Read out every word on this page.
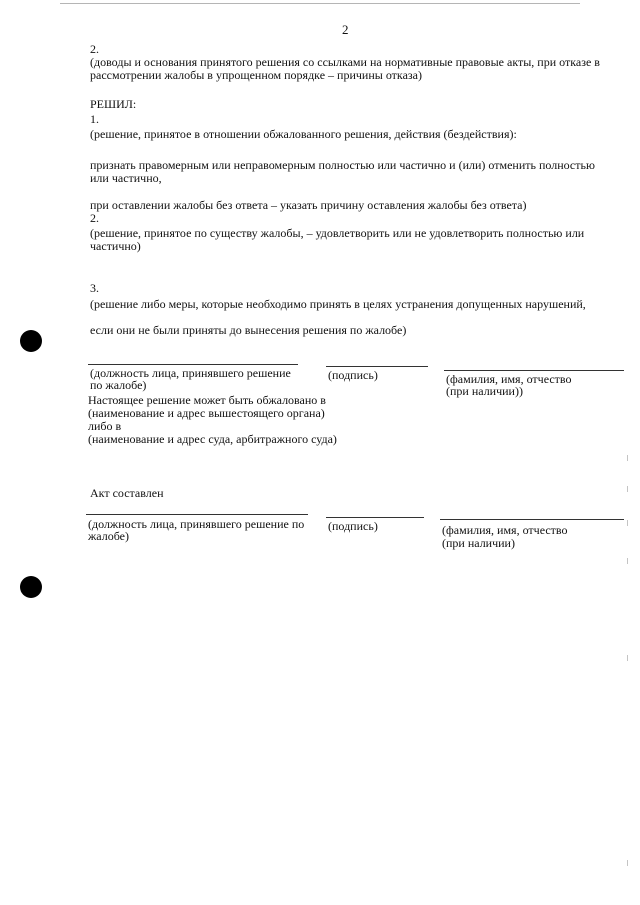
2
2.
(доводы и основания принятого решения со ссылками на нормативные правовые акты, при отказе в рассмотрении жалобы в упрощенном порядке – причины отказа)
РЕШИЛ:
1.
(решение, принятое в отношении обжалованного решения, действия (бездействия):
признать правомерным или неправомерным полностью или частично и (или) отменить полностью или частично,
при оставлении жалобы без ответа – указать причину оставления жалобы без ответа)
2.
(решение, принятое по существу жалобы, – удовлетворить или не удовлетворить полностью или частично)
3.
(решение либо меры, которые необходимо принять в целях устранения допущенных нарушений,
если они не были приняты до вынесения решения по жалобе)
(должность лица, принявшего решение
по жалобе)
(подпись)	(фамилия, имя, отчество
(при наличии))
Настоящее решение может быть обжаловано в
(наименование и адрес вышестоящего органа)
либо в
(наименование и адрес суда, арбитражного суда)
Акт составлен
(должность лица, принявшего решение по
жалобе)
(подпись)	(фамилия, имя, отчество
(при наличии)
